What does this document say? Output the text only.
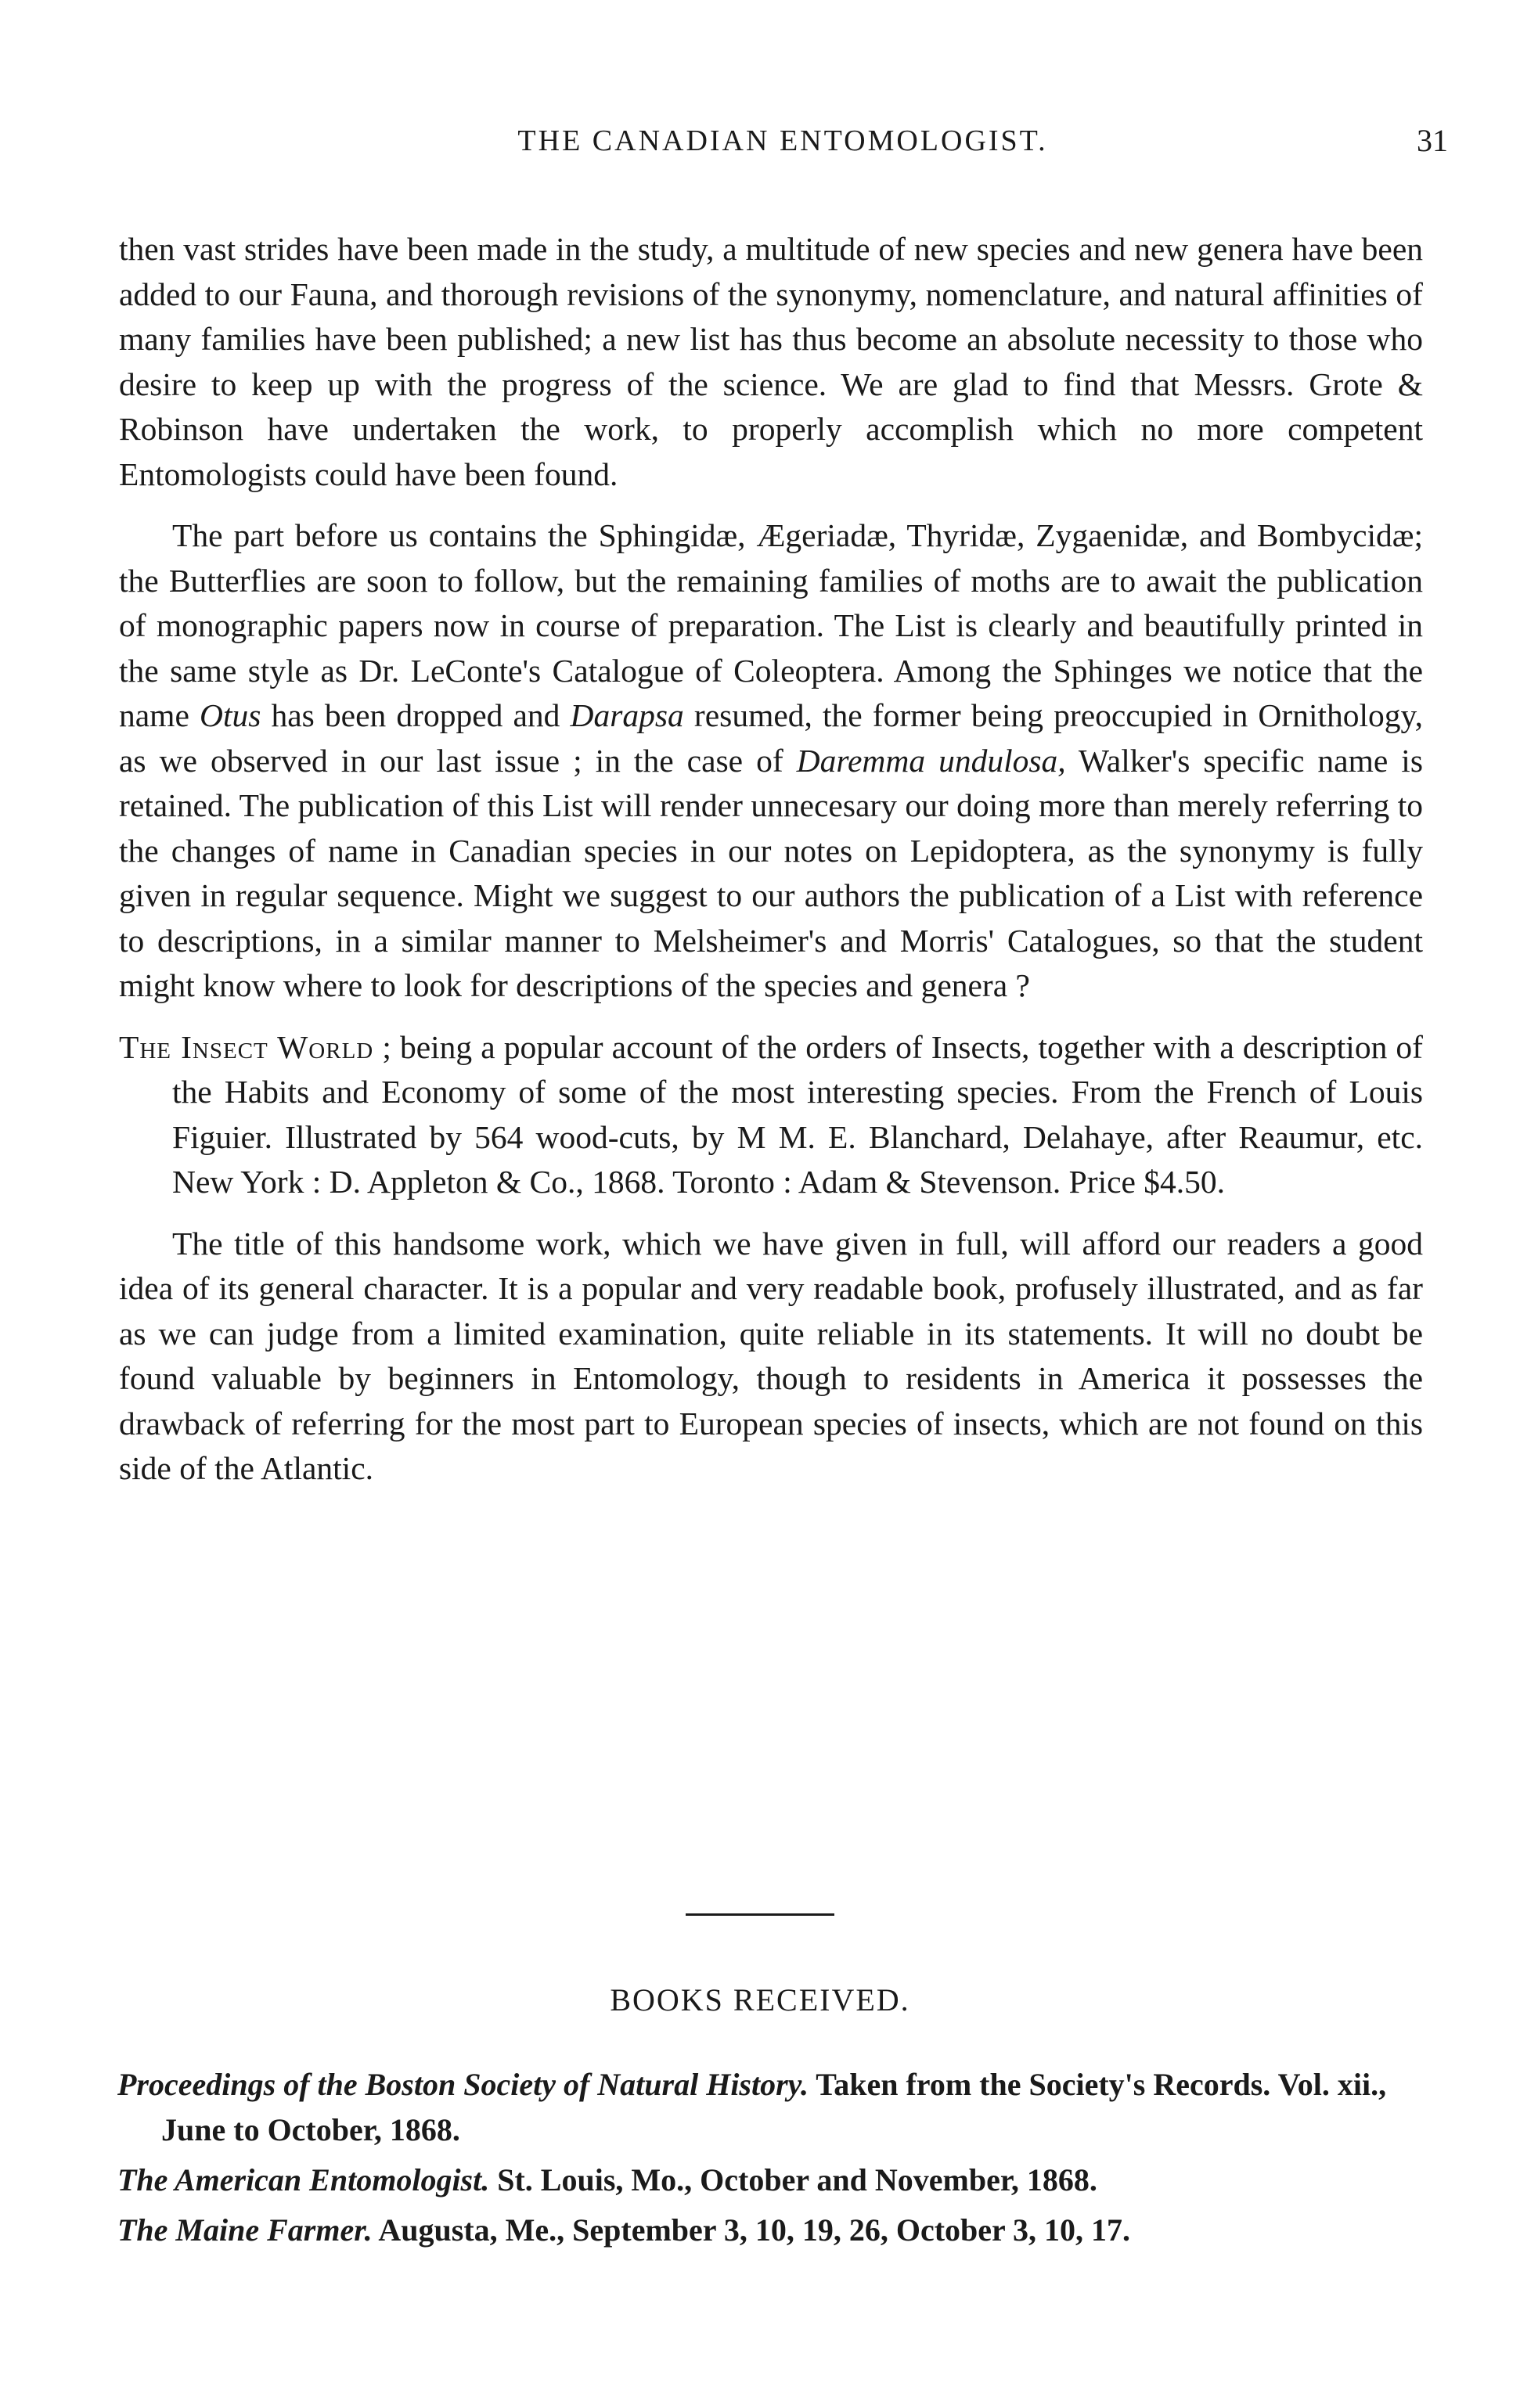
THE CANADIAN ENTOMOLOGIST.	31

then vast strides have been made in the study, a multitude of new species and new genera have been added to our Fauna, and thorough revisions of the synonymy, nomenclature, and natural affinities of many families have been published; a new list has thus become an absolute necessity to those who desire to keep up with the progress of the science. We are glad to find that Messrs. Grote & Robinson have undertaken the work, to properly accomplish which no more competent Entomologists could have been found.

The part before us contains the Sphingidæ, Ægeriadæ, Thyridæ, Zygaenidæ, and Bombycidæ; the Butterflies are soon to follow, but the remaining families of moths are to await the publication of monographic papers now in course of preparation. The List is clearly and beautifully printed in the same style as Dr. LeConte's Catalogue of Coleoptera. Among the Sphinges we notice that the name Otus has been dropped and Darapsa resumed, the former being preoccupied in Ornithology, as we observed in our last issue ; in the case of Daremma undulosa, Walker's specific name is retained. The publication of this List will render unnecesary our doing more than merely referring to the changes of name in Canadian species in our notes on Lepidoptera, as the synonymy is fully given in regular sequence. Might we suggest to our authors the publication of a List with reference to descriptions, in a similar manner to Melsheimer's and Morris' Catalogues, so that the student might know where to look for descriptions of the species and genera ?

The Insect World ; being a popular account of the orders of Insects, together with a description of the Habits and Economy of some of the most interesting species. From the French of Louis Figuier. Illustrated by 564 wood-cuts, by M M. E. Blanchard, Delahaye, after Reaumur, etc. New York : D. Appleton & Co., 1868. Toronto : Adam & Stevenson. Price $4.50.

The title of this handsome work, which we have given in full, will afford our readers a good idea of its general character. It is a popular and very readable book, profusely illustrated, and as far as we can judge from a limited examination, quite reliable in its statements. It will no doubt be found valuable by beginners in Entomology, though to residents in America it possesses the drawback of referring for the most part to European species of insects, which are not found on this side of the Atlantic.

BOOKS RECEIVED.

Proceedings of the Boston Society of Natural History. Taken from the Society's Records. Vol. xii., June to October, 1868.

The American Entomologist. St. Louis, Mo., October and November, 1868.

The Maine Farmer. Augusta, Me., September 3, 10, 19, 26, October 3, 10, 17.
